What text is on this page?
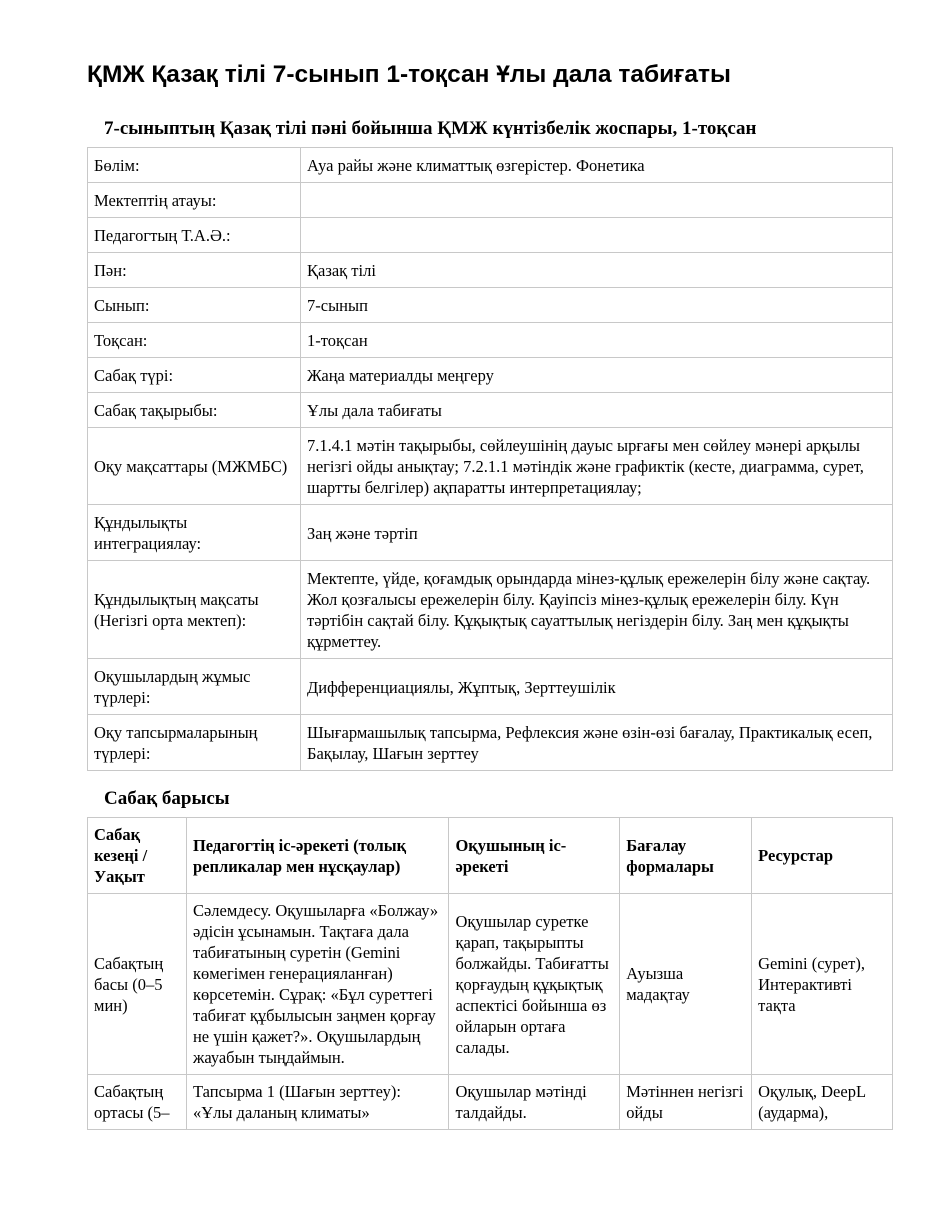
ҚМЖ Қазақ тілі 7-сынып 1-тоқсан Ұлы дала табиғаты
7-сыныптың Қазақ тілі пәні бойынша ҚМЖ күнтізбелік жоспары, 1-тоқсан
Бөлім:	Ауа райы және климаттық өзгерістер. Фонетика
Мектептің атауы:	
Педагогтың Т.А.Ә.:	
Пән:	Қазақ тілі
Сынып:	7-сынып
Тоқсан:	1-тоқсан
Сабақ түрі:	Жаңа материалды меңгеру
Сабақ тақырыбы:	Ұлы дала табиғаты
Оқу мақсаттары (МЖМБС)	7.1.4.1 мәтін тақырыбы, сөйлеушінің дауыс ырғағы мен сөйлеу мәнері арқылы негізгі ойды анықтау; 7.2.1.1 мәтіндік және графиктік (кесте, диаграмма, сурет, шартты белгілер) ақпаратты интерпретациялау;
Құндылықты интеграциялау:	Заң және тәртіп
Құндылықтың мақсаты (Негізгі орта мектеп):	Мектепте, үйде, қоғамдық орындарда мінез-құлық ережелерін білу және сақтау. Жол қозғалысы ережелерін білу. Қауіпсіз мінез-құлық ережелерін білу. Күн тәртібін сақтай білу. Құқықтық сауаттылық негіздерін білу. Заң мен құқықты құрметтеу.
Оқушылардың жұмыс түрлері:	Дифференциациялы, Жұптық, Зерттеушілік
Оқу тапсырмаларының түрлері:	Шығармашылық тапсырма, Рефлексия және өзін-өзі бағалау, Практикалық есеп, Бақылау, Шағын зерттеу
Сабақ барысы
Сабақ кезеңі / Уақыт	Педагогтің іс-әрекеті (толық репликалар мен нұсқаулар)	Оқушының іс-әрекеті	Бағалау формалары	Ресурстар
Сабақтың басы (0–5 мин)	Сәлемдесу. Оқушыларға «Болжау» әдісін ұсынамын. Тақтаға дала табиғатының суретін (Gemini көмегімен генерацияланған) көрсетемін. Сұрақ: «Бұл суреттегі табиғат құбылысын заңмен қорғау не үшін қажет?». Оқушылардың жауабын тыңдаймын.	Оқушылар суретке қарап, тақырыпты болжайды. Табиғатты қорғаудың құқықтық аспектісі бойынша өз ойларын ортаға салады.	Ауызша мадақтау	Gemini (сурет), Интерактивті тақта
Сабақтың ортасы (5–	Тапсырма 1 (Шағын зерттеу): «Ұлы даланың климаты»	Оқушылар мәтінді талдайды.	Мәтіннен негізгі ойды	Оқулық, DeepL (аударма),
